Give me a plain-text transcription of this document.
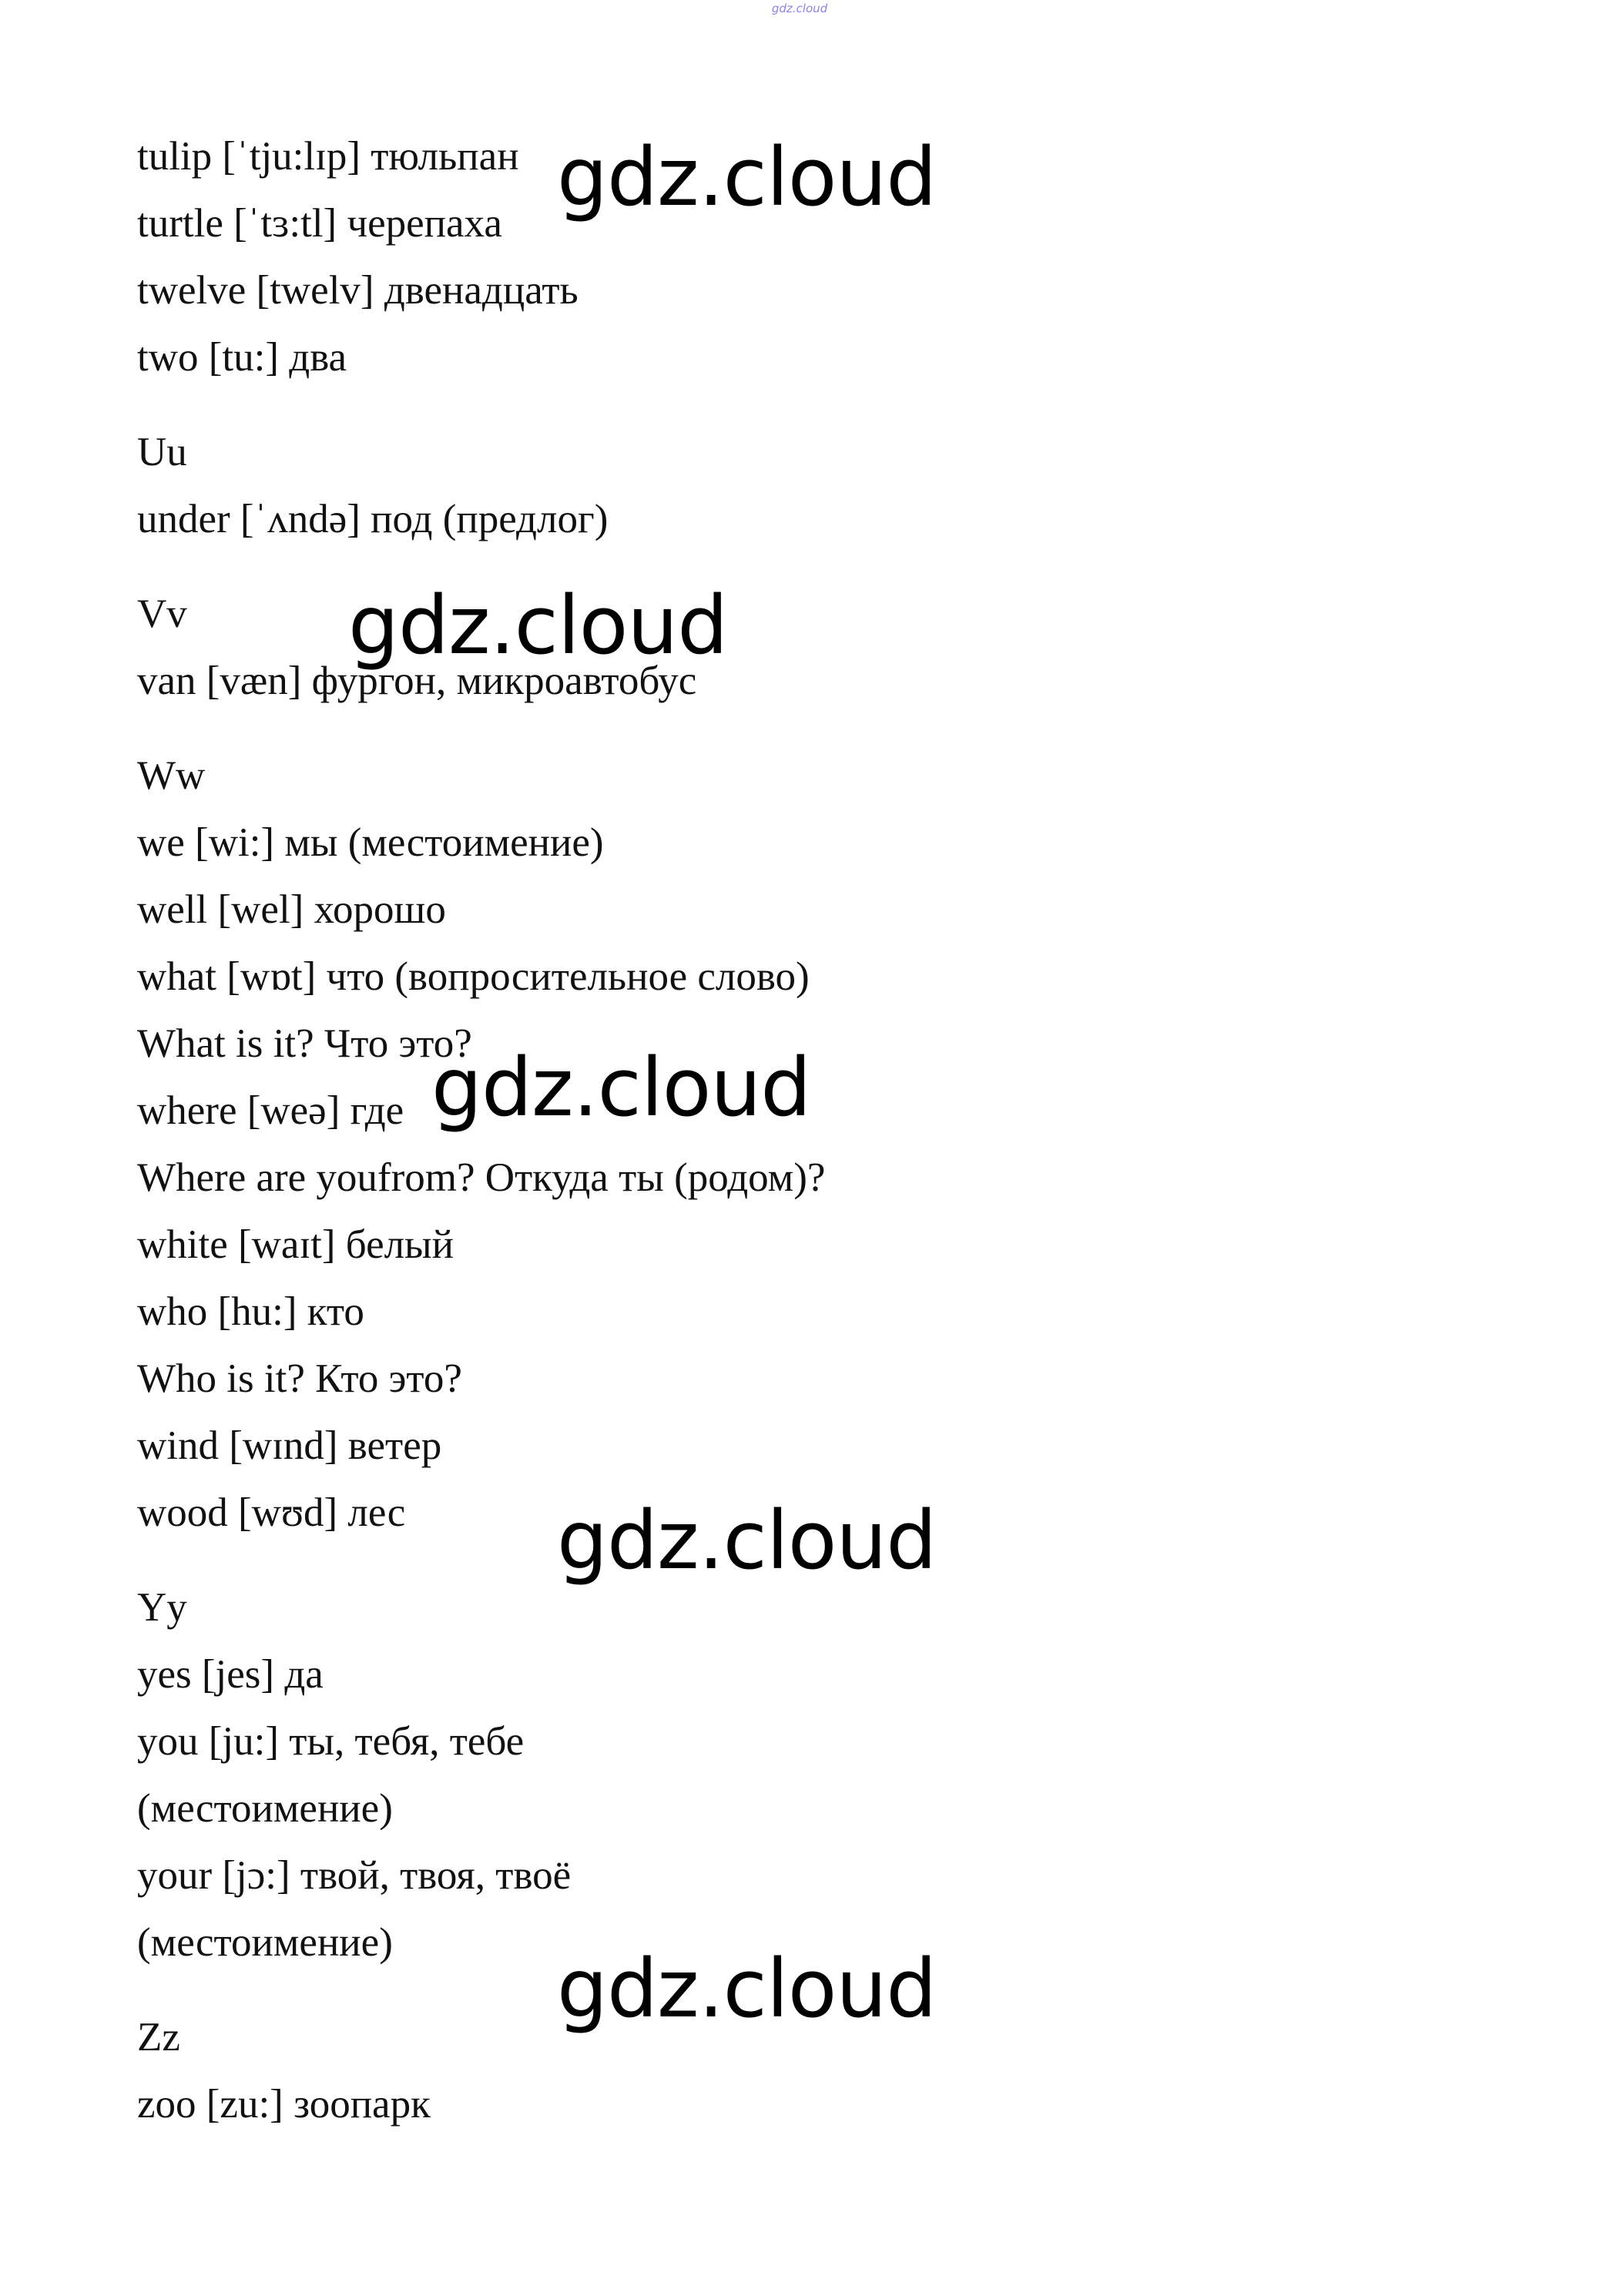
gdz.cloud
tulip [ˈtju:lɪp] тюльпан
turtle [ˈtɜ:tl] черепаха
twelve [twelv] двенадцать
two [tu:] два
Uu
under [ˈʌndə] под (предлог)
Vv
van [væn] фургон, микроавтобус
Ww
we [wi:] мы (местоимение)
well [wel] хорошо
what [wɒt] что (вопросительное слово)
What is it? Что это?
where [weə] где
Where are youfrom? Откуда ты (родом)?
white [waɪt] белый
who [hu:] кто
Who is it? Кто это?
wind [wɪnd] ветер
wood [wʊd] лес
Yy
yes [jes] да
you [ju:] ты, тебя, тебе
(местоимение)
your [jɔ:] твой, твоя, твоё
(местоимение)
Zz
zoo [zu:] зоопарк
gdz.cloud
gdz.cloud
gdz.cloud
gdz.cloud
gdz.cloud
